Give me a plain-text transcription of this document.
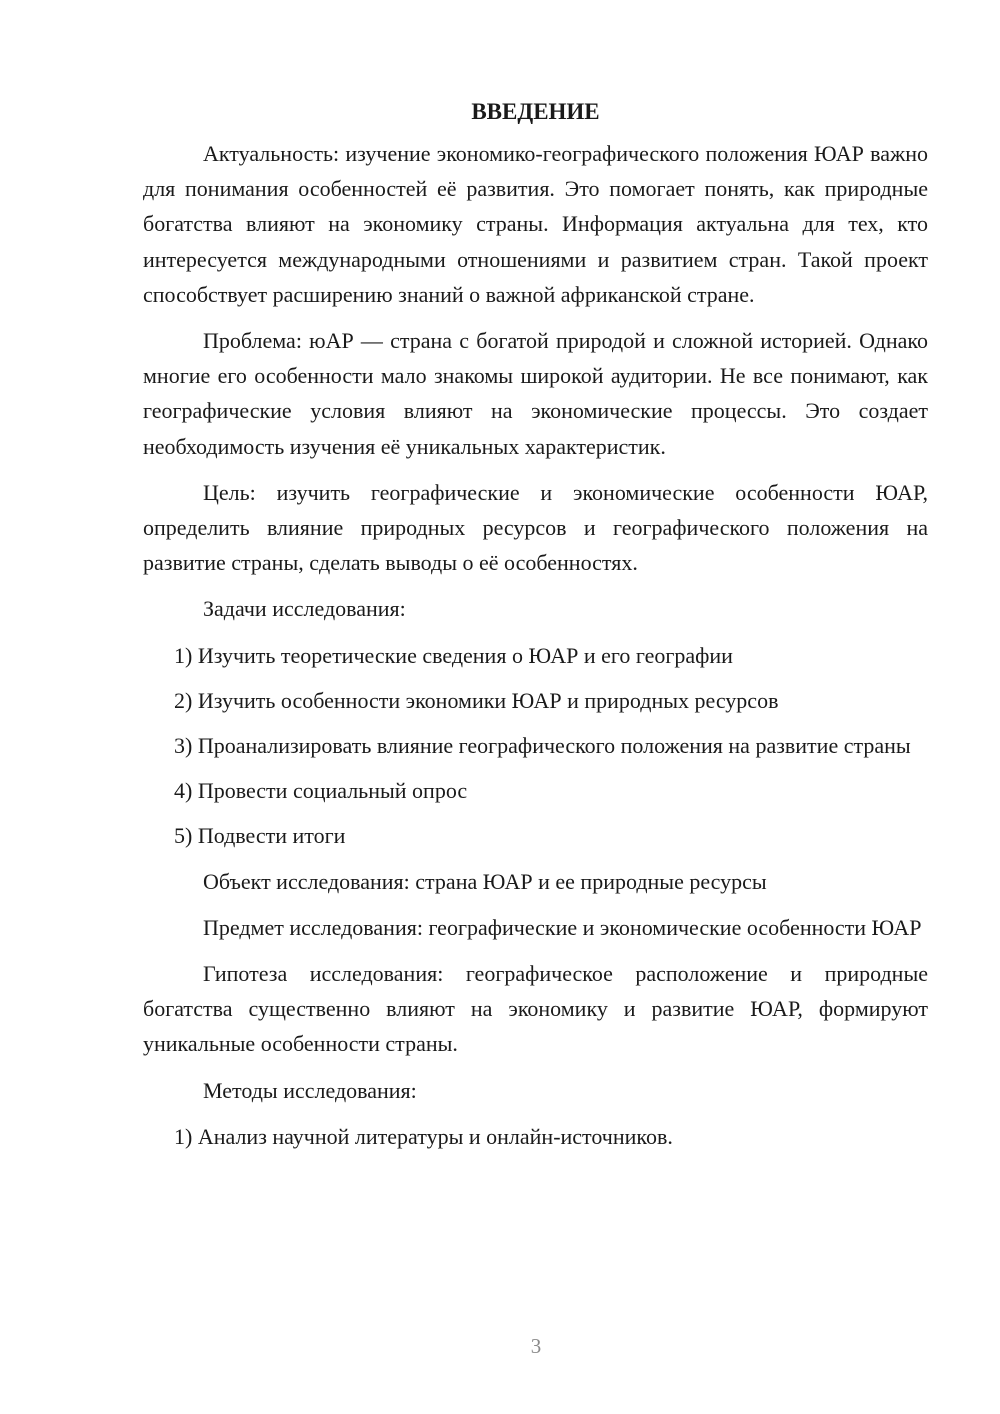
ВВЕДЕНИЕ

Актуальность: изучение экономико-географического положения ЮАР важно для понимания особенностей её развития. Это помогает понять, как природные богатства влияют на экономику страны. Информация актуальна для тех, кто интересуется международными отношениями и развитием стран. Такой проект способствует расширению знаний о важной африканской стране.

Проблема: юАР — страна с богатой природой и сложной историей. Однако многие его особенности мало знакомы широкой аудитории. Не все понимают, как географические условия влияют на экономические процессы. Это создает необходимость изучения её уникальных характеристик.

Цель: изучить географические и экономические особенности ЮАР, определить влияние природных ресурсов и географического положения на развитие страны, сделать выводы о её особенностях.

Задачи исследования:

1) Изучить теоретические сведения о ЮАР и его географии

2) Изучить особенности экономики ЮАР и природных ресурсов

3) Проанализировать влияние географического положения на развитие страны

4) Провести социальный опрос

5) Подвести итоги

Объект исследования: страна ЮАР и ее природные ресурсы

Предмет исследования: географические и экономические особенности ЮАР

Гипотеза исследования: географическое расположение и природные богатства существенно влияют на экономику и развитие ЮАР, формируют уникальные особенности страны.

Методы исследования:

1) Анализ научной литературы и онлайн-источников.

3
